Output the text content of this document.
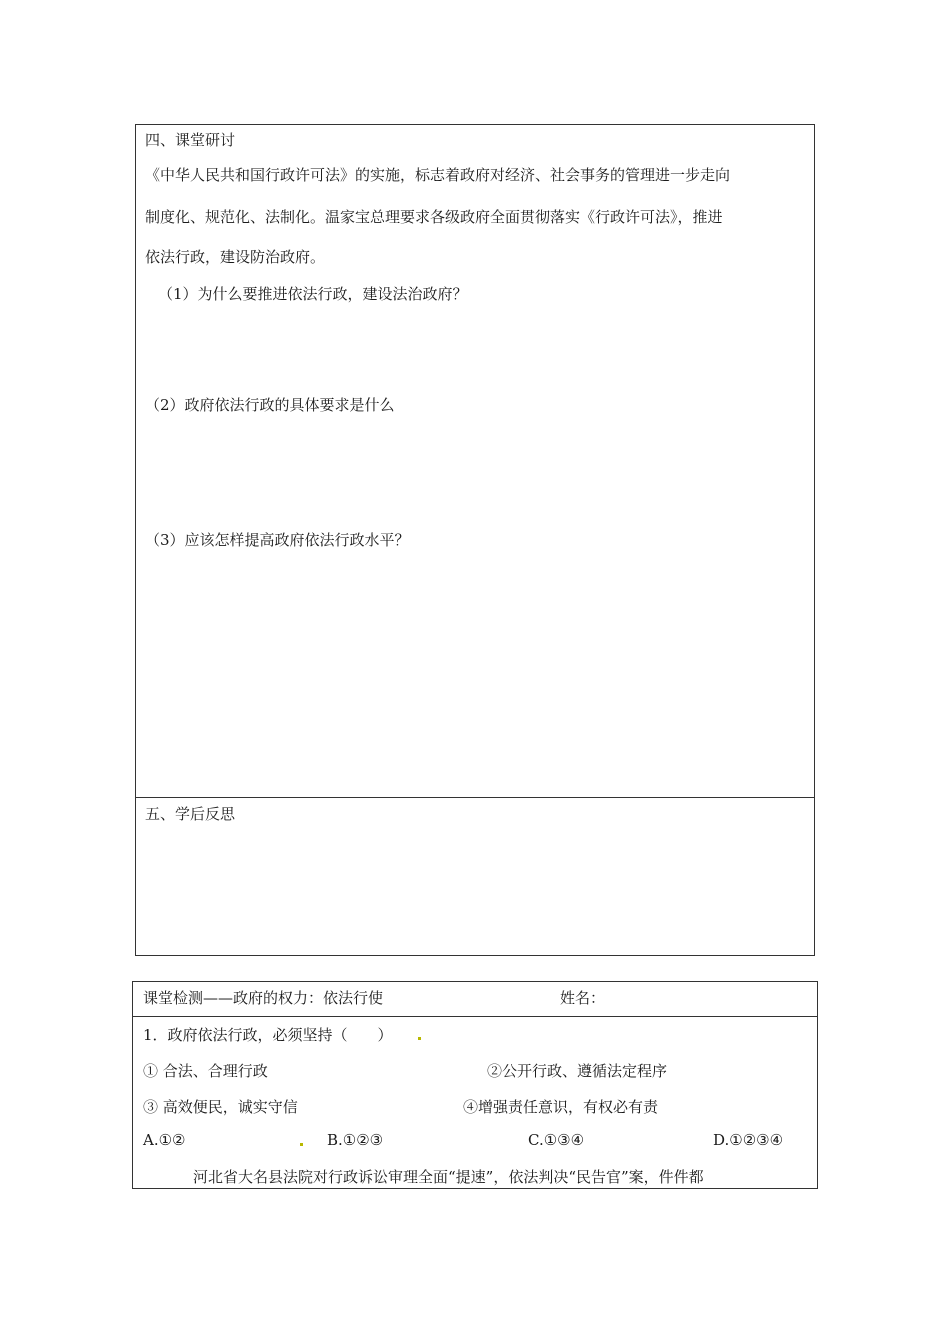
四、课堂研讨
《中华人民共和国行政许可法》的实施，标志着政府对经济、社会事务的管理进一步走向
制度化、规范化、法制化。温家宝总理要求各级政府全面贯彻落实《行政许可法》，推进
依法行政，建设防治政府。
（1）为什么要推进依法行政，建设法治政府？
（2）政府依法行政的具体要求是什么
（3）应该怎样提高政府依法行政水平？
五、学后反思
课堂检测——政府的权力：依法行使	姓名：
1．政府依法行政，必须坚持（　　）
① 合法、合理行政	②公开行政、遵循法定程序
③ 高效便民，诚实守信	④增强责任意识，有权必有责
A.①②	B.①②③	C.①③④	D.①②③④
河北省大名县法院对行政诉讼审理全面“提速”，依法判决“民告官”案，件件都
